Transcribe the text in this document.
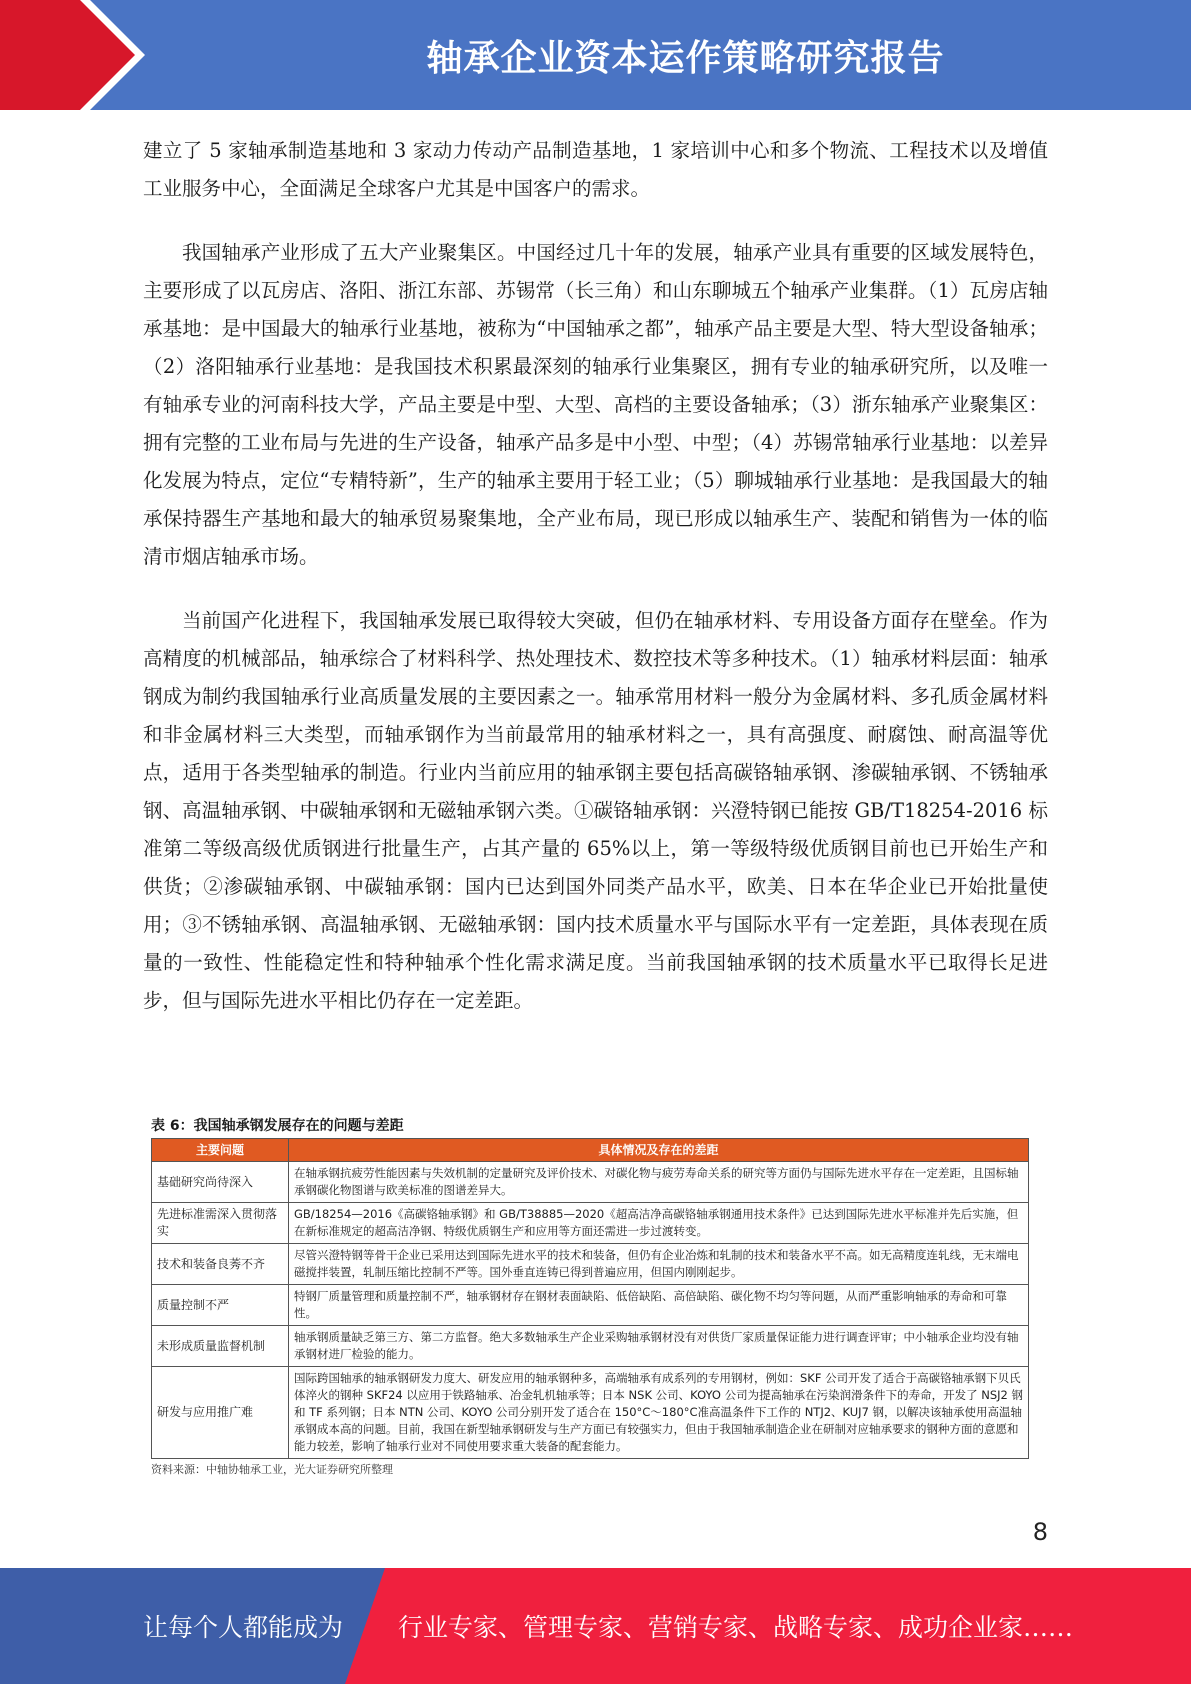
轴承企业资本运作策略研究报告

建立了 5 家轴承制造基地和 3 家动力传动产品制造基地，1 家培训中心和多个物流、工程技术以及增值工业服务中心，全面满足全球客户尤其是中国客户的需求。

我国轴承产业形成了五大产业聚集区。中国经过几十年的发展，轴承产业具有重要的区域发展特色，主要形成了以瓦房店、洛阳、浙江东部、苏锡常（长三角）和山东聊城五个轴承产业集群。（1）瓦房店轴承基地：是中国最大的轴承行业基地，被称为“中国轴承之都”，轴承产品主要是大型、特大型设备轴承；（2）洛阳轴承行业基地：是我国技术积累最深刻的轴承行业集聚区，拥有专业的轴承研究所，以及唯一有轴承专业的河南科技大学，产品主要是中型、大型、高档的主要设备轴承；（3）浙东轴承产业聚集区：拥有完整的工业布局与先进的生产设备，轴承产品多是中小型、中型；（4）苏锡常轴承行业基地：以差异化发展为特点，定位“专精特新”，生产的轴承主要用于轻工业；（5）聊城轴承行业基地：是我国最大的轴承保持器生产基地和最大的轴承贸易聚集地，全产业布局，现已形成以轴承生产、装配和销售为一体的临清市烟店轴承市场。

当前国产化进程下，我国轴承发展已取得较大突破，但仍在轴承材料、专用设备方面存在壁垒。作为高精度的机械部品，轴承综合了材料科学、热处理技术、数控技术等多种技术。（1）轴承材料层面：轴承钢成为制约我国轴承行业高质量发展的主要因素之一。轴承常用材料一般分为金属材料、多孔质金属材料和非金属材料三大类型，而轴承钢作为当前最常用的轴承材料之一，具有高强度、耐腐蚀、耐高温等优点，适用于各类型轴承的制造。行业内当前应用的轴承钢主要包括高碳铬轴承钢、渗碳轴承钢、不锈轴承钢、高温轴承钢、中碳轴承钢和无磁轴承钢六类。①碳铬轴承钢：兴澄特钢已能按 GB/T18254-2016 标准第二等级高级优质钢进行批量生产，占其产量的 65%以上，第一等级特级优质钢目前也已开始生产和供货；②渗碳轴承钢、中碳轴承钢：国内已达到国外同类产品水平，欧美、日本在华企业已开始批量使用；③不锈轴承钢、高温轴承钢、无磁轴承钢：国内技术质量水平与国际水平有一定差距，具体表现在质量的一致性、性能稳定性和特种轴承个性化需求满足度。当前我国轴承钢的技术质量水平已取得长足进步，但与国际先进水平相比仍存在一定差距。

表 6：我国轴承钢发展存在的问题与差距
主要问题	具体情况及存在的差距
基础研究尚待深入	在轴承钢抗疲劳性能因素与失效机制的定量研究及评价技术、对碳化物与疲劳寿命关系的研究等方面仍与国际先进水平存在一定差距，且国标轴承钢碳化物图谱与欧美标准的图谱差异大。
先进标准需深入贯彻落实	GB/18254—2016《高碳铬轴承钢》和 GB/T38885—2020《超高洁净高碳铬轴承钢通用技术条件》已达到国际先进水平标准并先后实施，但在新标准规定的超高洁净钢、特级优质钢生产和应用等方面还需进一步过渡转变。
技术和装备良莠不齐	尽管兴澄特钢等骨干企业已采用达到国际先进水平的技术和装备，但仍有企业冶炼和轧制的技术和装备水平不高。如无高精度连轧线，无末端电磁搅拌装置，轧制压缩比控制不严等。国外垂直连铸已得到普遍应用，但国内刚刚起步。
质量控制不严	特钢厂质量管理和质量控制不严，轴承钢材存在钢材表面缺陷、低倍缺陷、高倍缺陷、碳化物不均匀等问题，从而严重影响轴承的寿命和可靠性。
未形成质量监督机制	轴承钢质量缺乏第三方、第二方监督。绝大多数轴承生产企业采购轴承钢材没有对供货厂家质量保证能力进行调查评审；中小轴承企业均没有轴承钢材进厂检验的能力。
研发与应用推广难	国际跨国轴承的轴承钢研发力度大、研发应用的轴承钢种多，高端轴承有成系列的专用钢材，例如：SKF 公司开发了适合于高碳铬轴承钢下贝氏体淬火的钢种 SKF24 以应用于铁路轴承、冶金轧机轴承等；日本 NSK 公司、KOYO 公司为提高轴承在污染润滑条件下的寿命，开发了 NSJ2 钢和 TF 系列钢；日本 NTN 公司、KOYO 公司分别开发了适合在 150°C～180°C准高温条件下工作的 NTJ2、KUJ7 钢，以解决该轴承使用高温轴承钢成本高的问题。目前，我国在新型轴承钢研发与生产方面已有较强实力，但由于我国轴承制造企业在研制对应轴承要求的钢种方面的意愿和能力较差，影响了轴承行业对不同使用要求重大装备的配套能力。
资料来源：中轴协轴承工业，光大证券研究所整理
8
让每个人都能成为 行业专家、管理专家、营销专家、战略专家、成功企业家……
